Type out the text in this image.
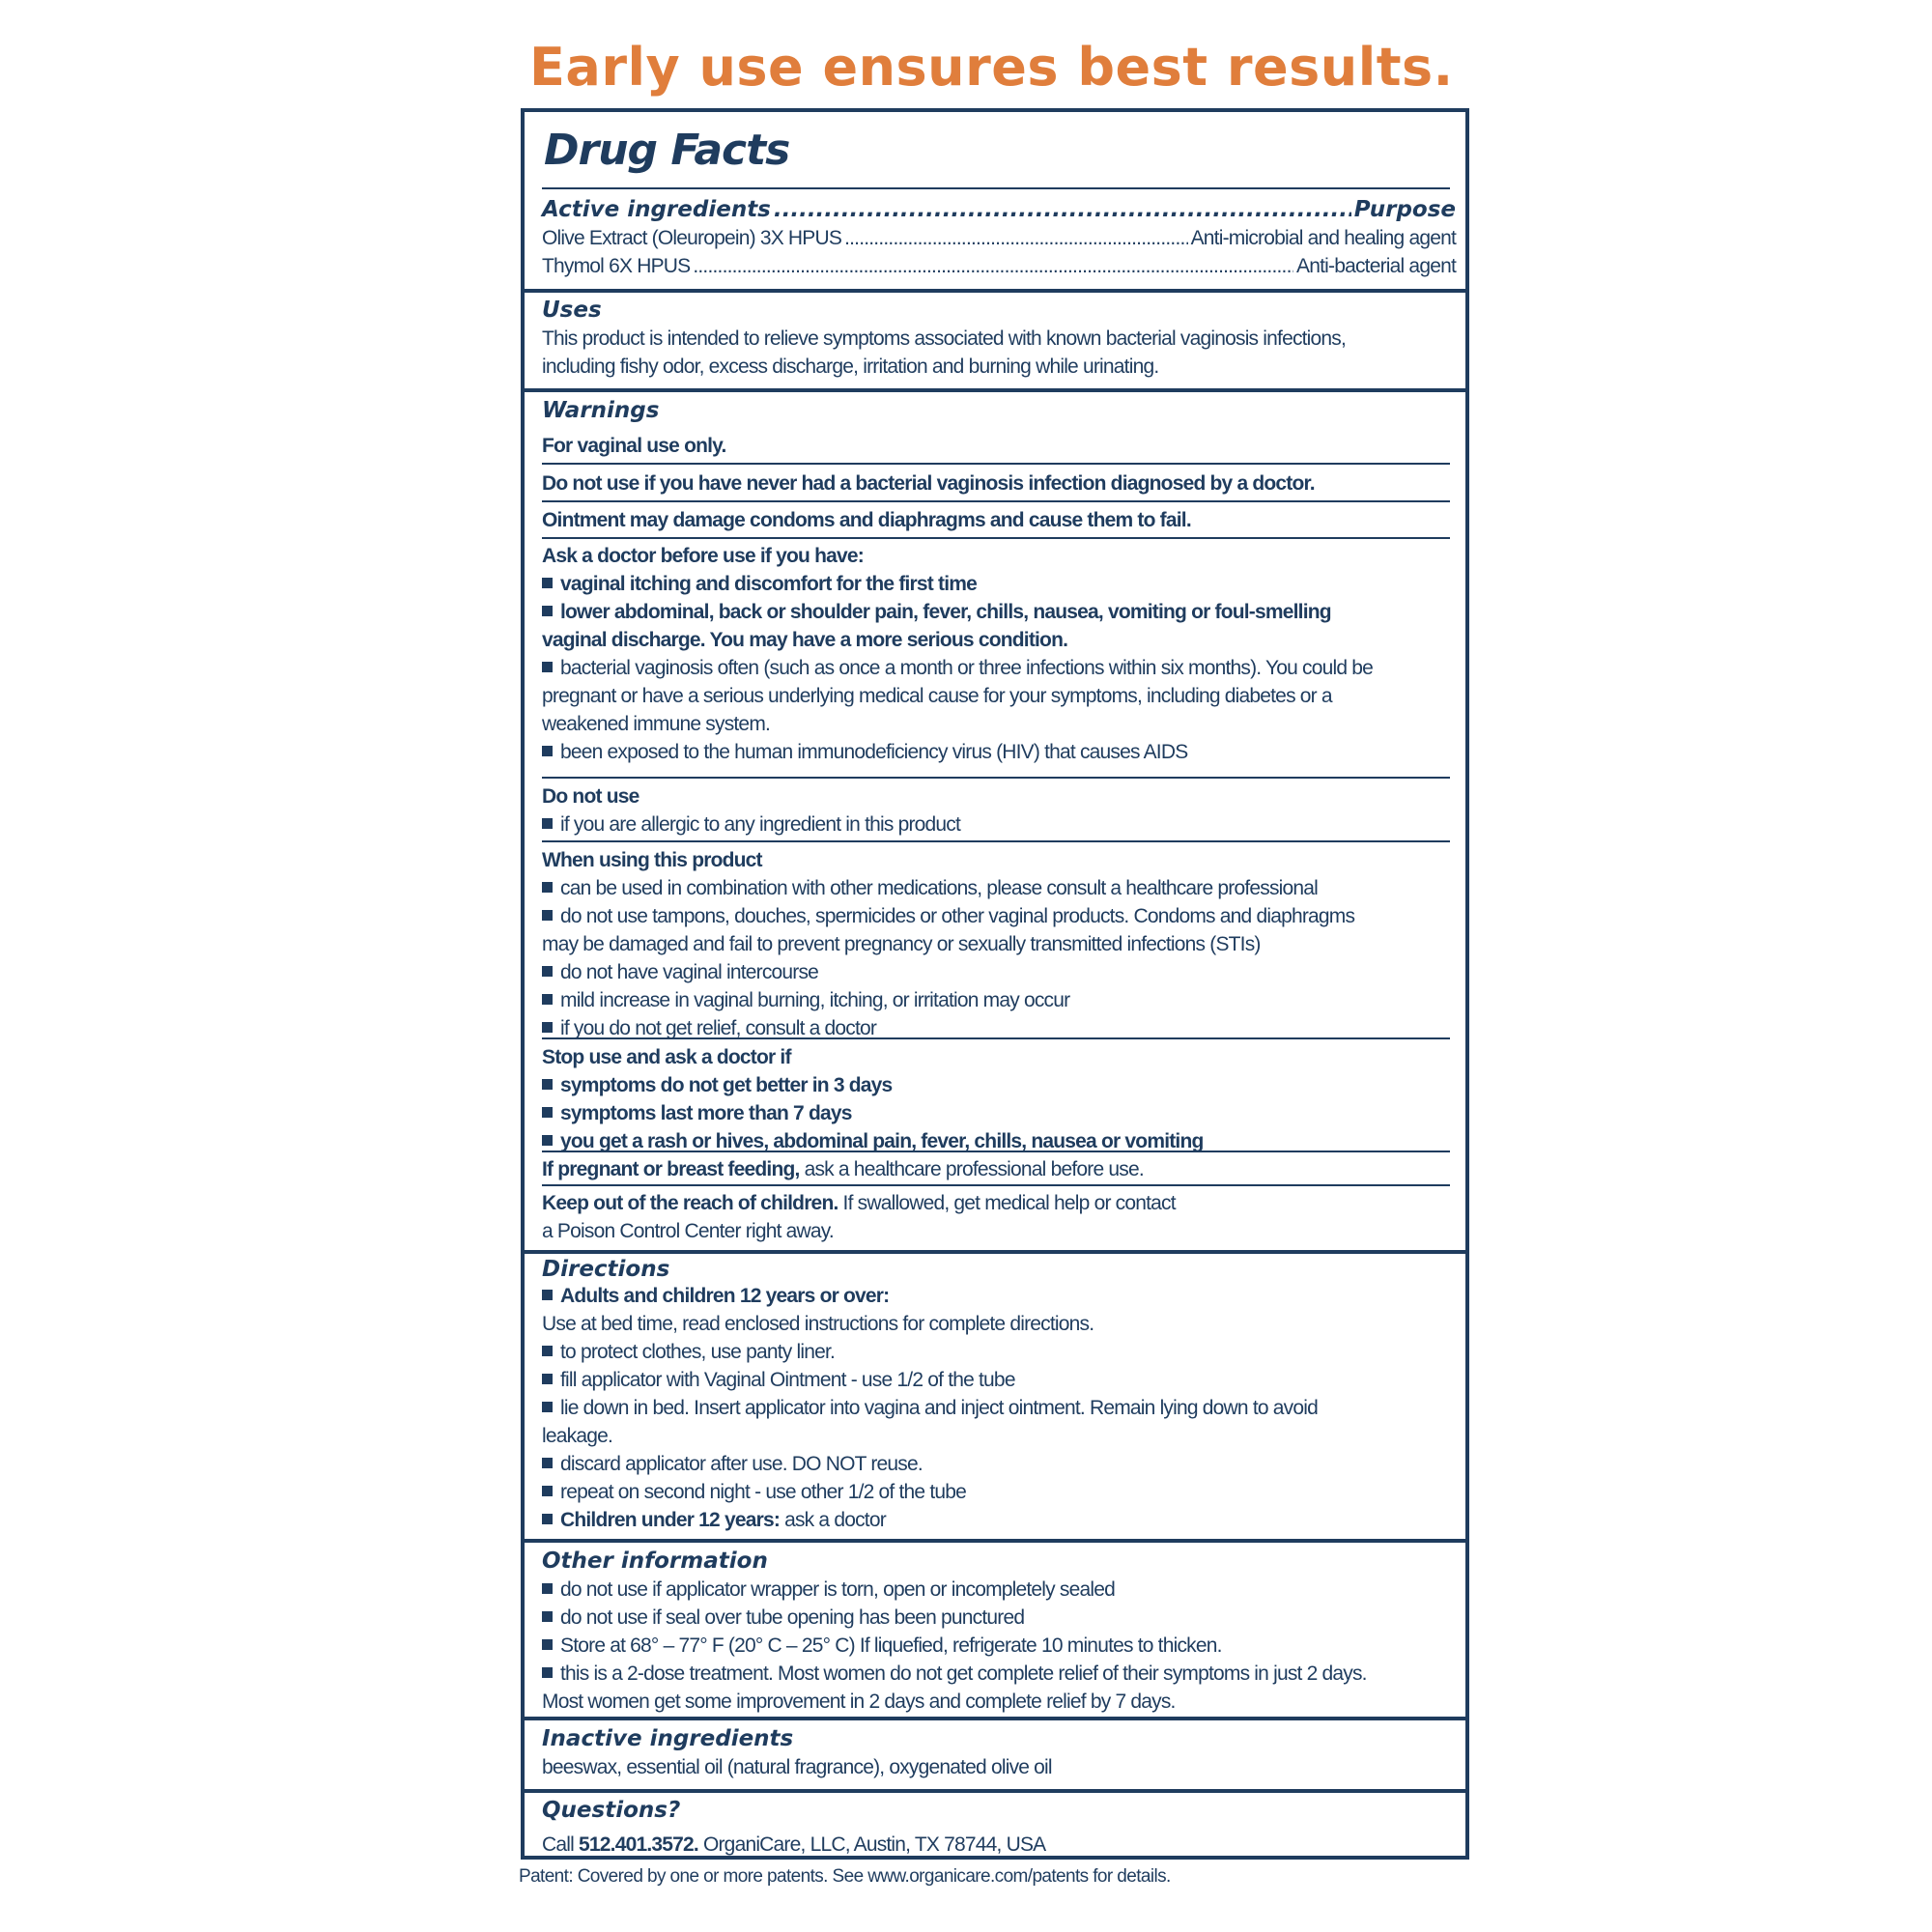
Early use ensures best results.
Drug Facts
Active ingredients .....	Purpose
Olive Extract (Oleuropein) 3X HPUS .....	Anti-microbial and healing agent
Thymol 6X HPUS .....	Anti-bacterial agent
Uses
This product is intended to relieve symptoms associated with known bacterial vaginosis infections,
including fishy odor, excess discharge, irritation and burning while urinating.
Warnings
For vaginal use only.
Do not use if you have never had a bacterial vaginosis infection diagnosed by a doctor.
Ointment may damage condoms and diaphragms and cause them to fail.
Ask a doctor before use if you have:
vaginal itching and discomfort for the first time
lower abdominal, back or shoulder pain, fever, chills, nausea, vomiting or foul-smelling
vaginal discharge. You may have a more serious condition.
bacterial vaginosis often (such as once a month or three infections within six months). You could be
pregnant or have a serious underlying medical cause for your symptoms, including diabetes or a
weakened immune system.
been exposed to the human immunodeficiency virus (HIV) that causes AIDS
Do not use
if you are allergic to any ingredient in this product
When using this product
can be used in combination with other medications, please consult a healthcare professional
do not use tampons, douches, spermicides or other vaginal products. Condoms and diaphragms
may be damaged and fail to prevent pregnancy or sexually transmitted infections (STIs)
do not have vaginal intercourse
mild increase in vaginal burning, itching, or irritation may occur
if you do not get relief, consult a doctor
Stop use and ask a doctor if
symptoms do not get better in 3 days
symptoms last more than 7 days
you get a rash or hives, abdominal pain, fever, chills, nausea or vomiting
If pregnant or breast feeding, ask a healthcare professional before use.
Keep out of the reach of children. If swallowed, get medical help or contact
a Poison Control Center right away.
Directions
Adults and children 12 years or over:
Use at bed time, read enclosed instructions for complete directions.
to protect clothes, use panty liner.
fill applicator with Vaginal Ointment - use 1/2 of the tube
lie down in bed. Insert applicator into vagina and inject ointment. Remain lying down to avoid
leakage.
discard applicator after use. DO NOT reuse.
repeat on second night - use other 1/2 of the tube
Children under 12 years: ask a doctor
Other information
do not use if applicator wrapper is torn, open or incompletely sealed
do not use if seal over tube opening has been punctured
Store at 68° – 77° F (20° C – 25° C) If liquefied, refrigerate 10 minutes to thicken.
this is a 2-dose treatment. Most women do not get complete relief of their symptoms in just 2 days.
Most women get some improvement in 2 days and complete relief by 7 days.
Inactive ingredients
beeswax, essential oil (natural fragrance), oxygenated olive oil
Questions?
Call 512.401.3572. OrganiCare, LLC, Austin, TX 78744, USA
Patent: Covered by one or more patents. See www.organicare.com/patents for details.
